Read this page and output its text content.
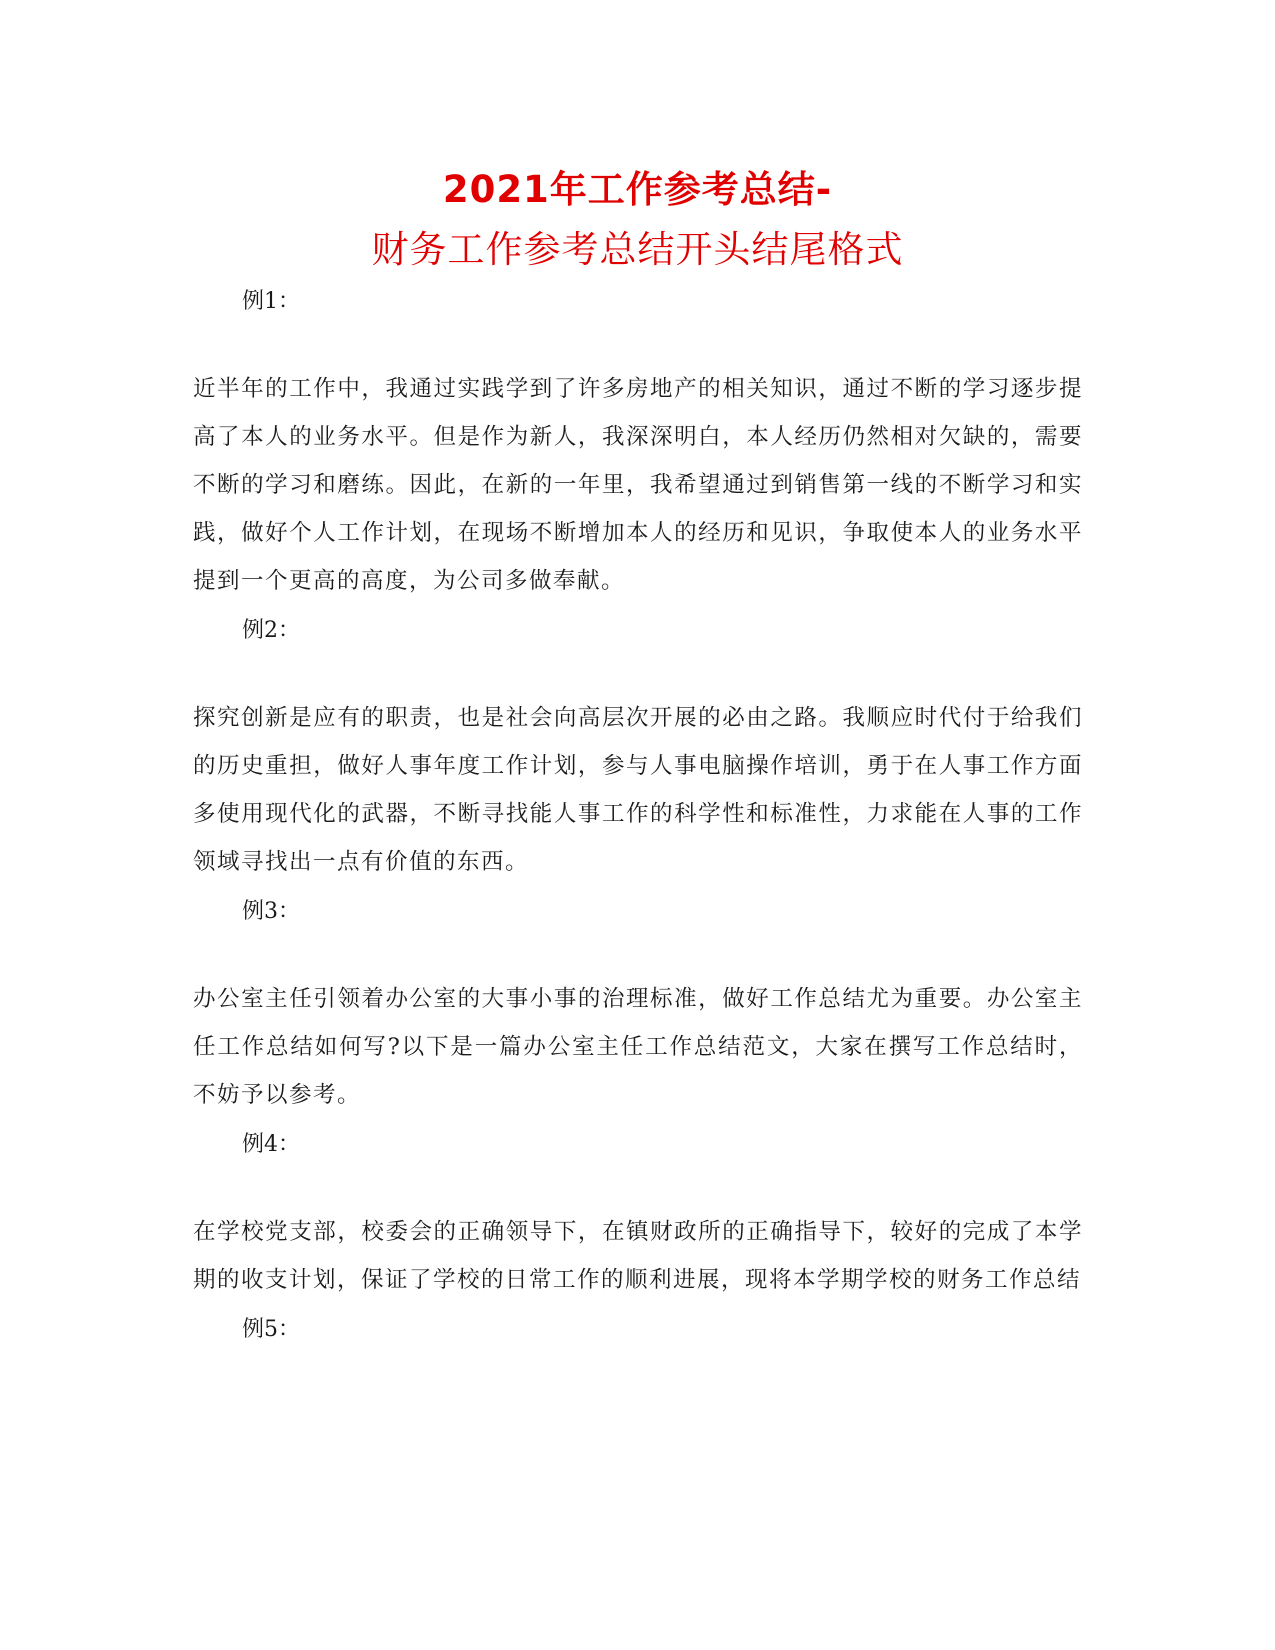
2021年工作参考总结-
财务工作参考总结开头结尾格式
例1：

近半年的工作中，我通过实践学到了许多房地产的相关知识，通过不断的学习逐步提高了本人的业务水平。但是作为新人，我深深明白，本人经历仍然相对欠缺的，需要不断的学习和磨练。因此，在新的一年里，我希望通过到销售第一线的不断学习和实践，做好个人工作计划，在现场不断增加本人的经历和见识，争取使本人的业务水平提到一个更高的高度，为公司多做奉献。

例2：

探究创新是应有的职责，也是社会向高层次开展的必由之路。我顺应时代付于给我们的历史重担，做好人事年度工作计划，参与人事电脑操作培训，勇于在人事工作方面多使用现代化的武器，不断寻找能人事工作的科学性和标准性，力求能在人事的工作领域寻找出一点有价值的东西。

例3：

办公室主任引领着办公室的大事小事的治理标准，做好工作总结尤为重要。办公室主任工作总结如何写?以下是一篇办公室主任工作总结范文，大家在撰写工作总结时，不妨予以参考。

例4：

在学校党支部，校委会的正确领导下，在镇财政所的正确指导下，较好的完成了本学期的收支计划，保证了学校的日常工作的顺利进展，现将本学期学校的财务工作总结

例5：
